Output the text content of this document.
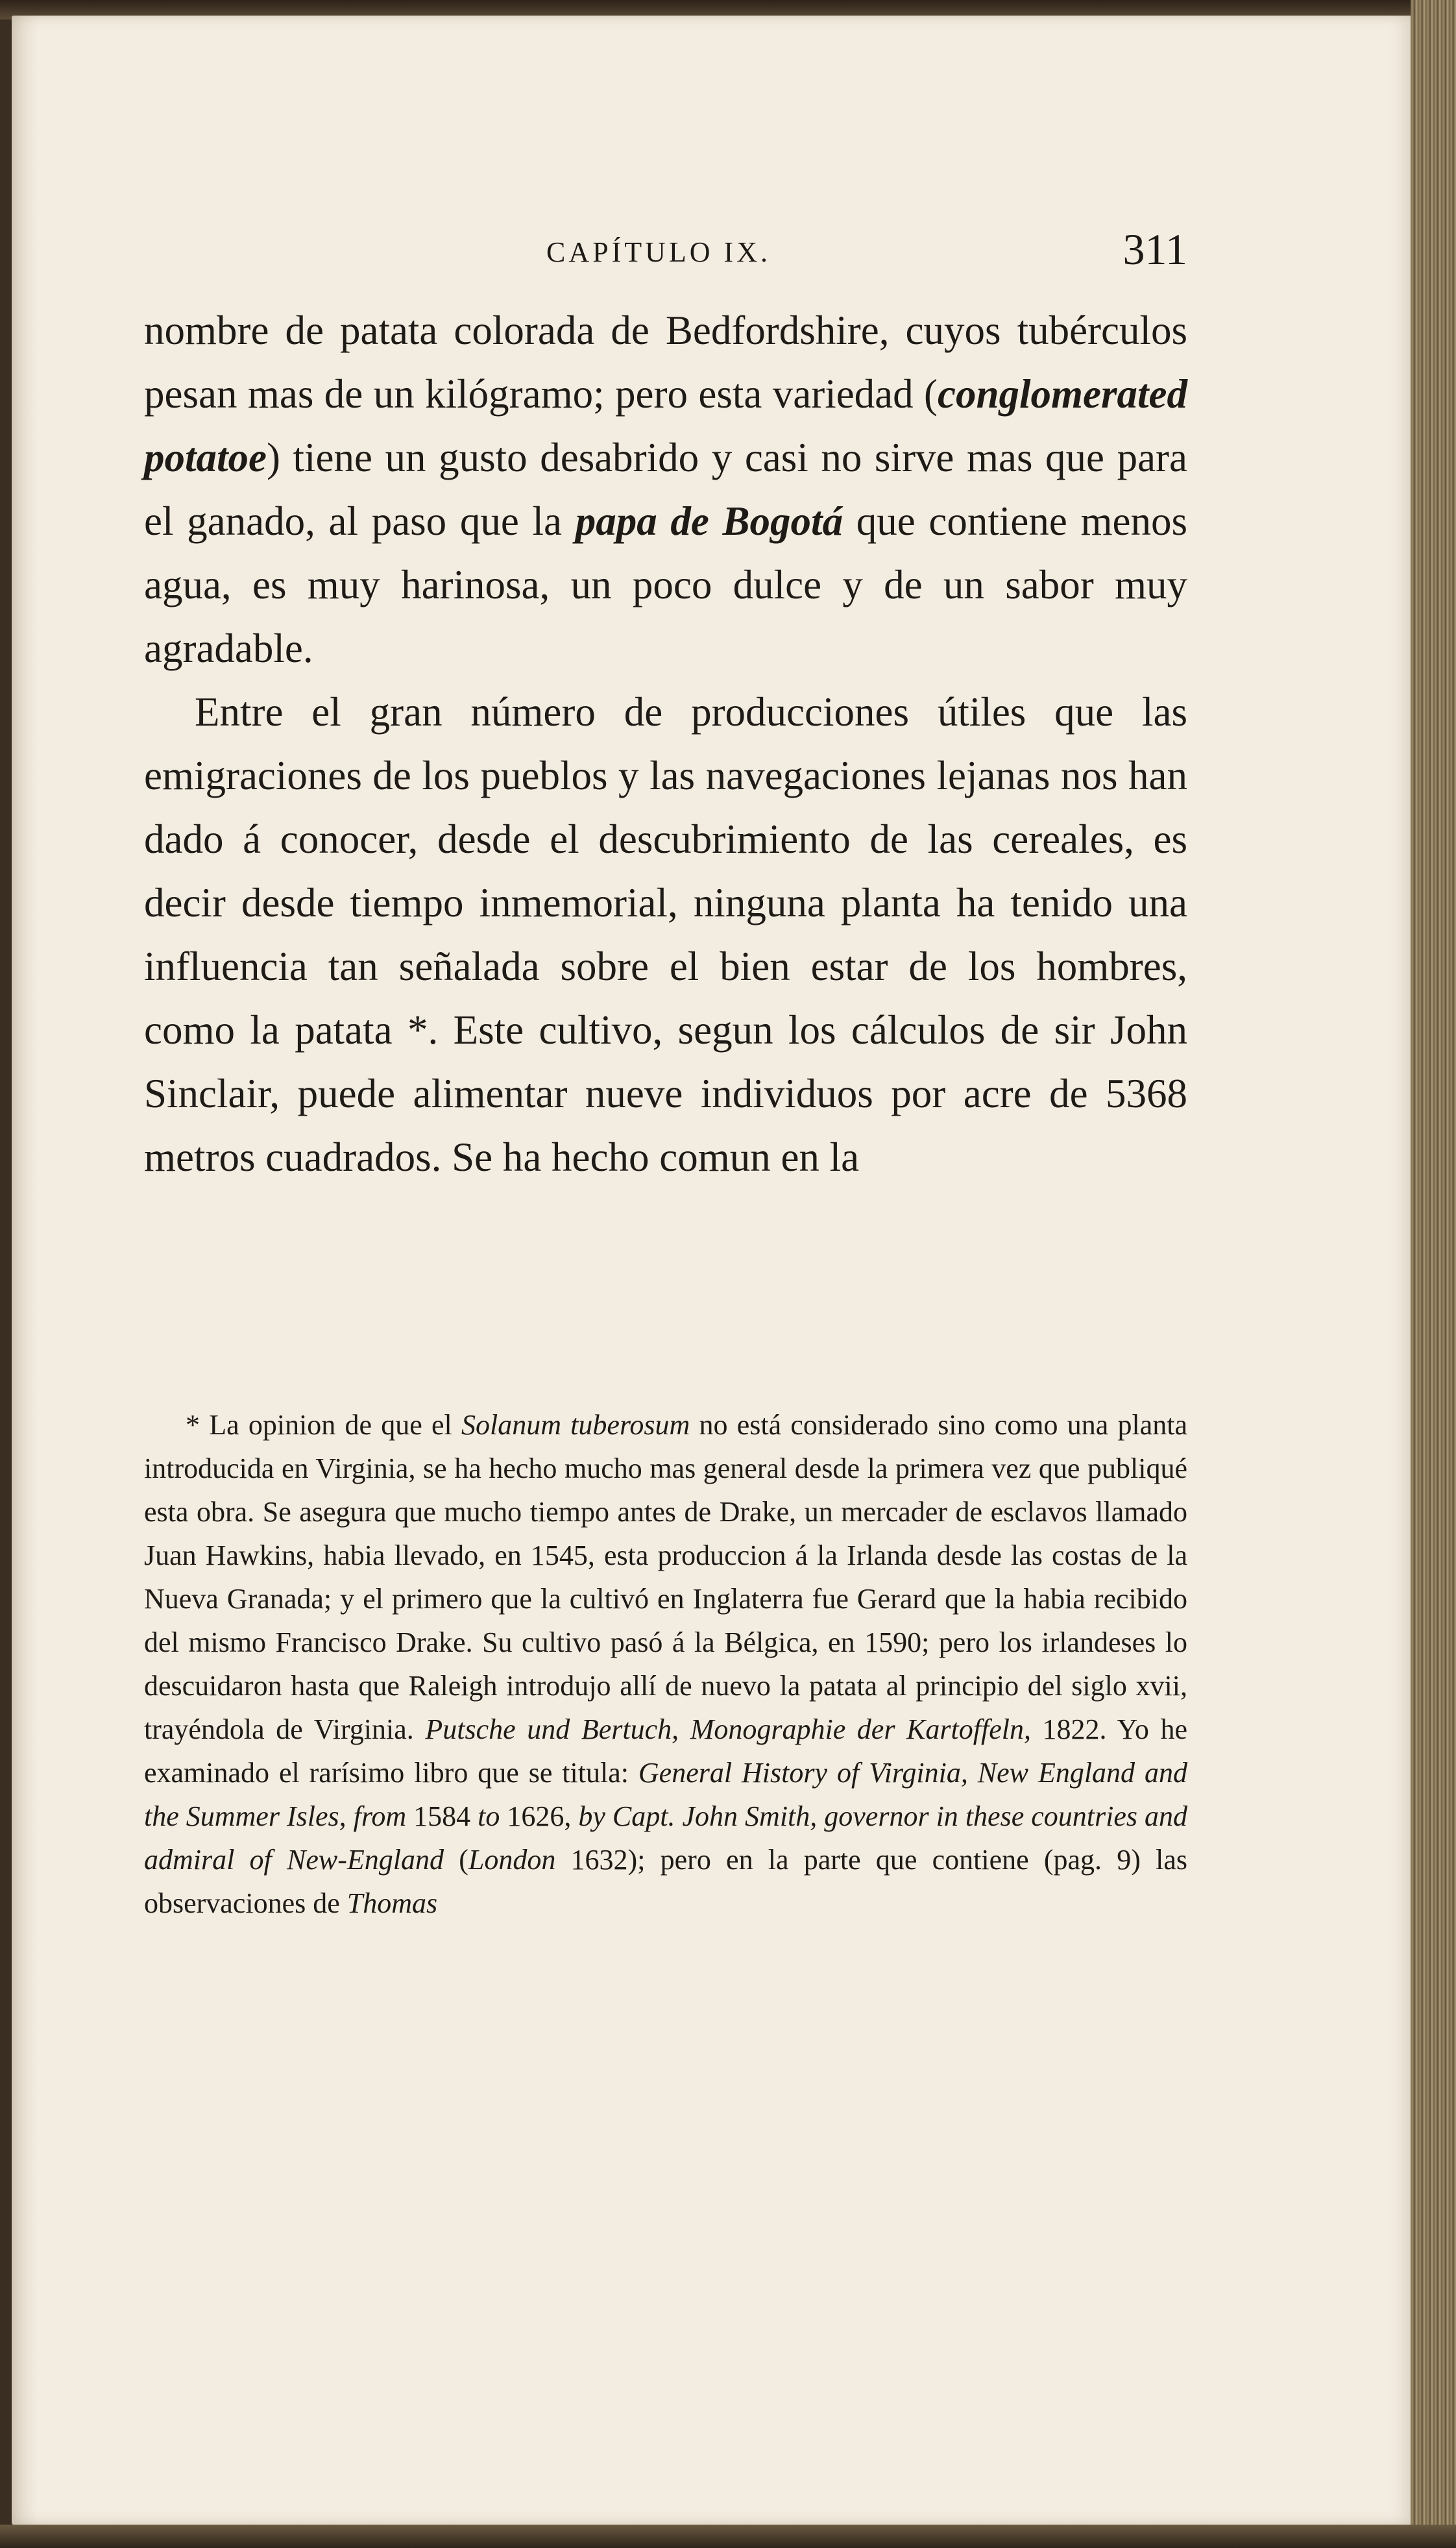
CAPÍTULO IX.	311

nombre de patata colorada de Bedfordshire, cuyos tubérculos pesan mas de un kilógramo; pero esta variedad (conglomerated potatoe) tiene un gusto desabrido y casi no sirve mas que para el ganado, al paso que la papa de Bogotá que contiene menos agua, es muy harinosa, un poco dulce y de un sabor muy agradable.

Entre el gran número de producciones útiles que las emigraciones de los pueblos y las navegaciones lejanas nos han dado á conocer, desde el descubrimiento de las cereales, es decir desde tiempo inmemorial, ninguna planta ha tenido una influencia tan señalada sobre el bien estar de los hombres, como la patata *. Este cultivo, segun los cálculos de sir John Sinclair, puede alimentar nueve individuos por acre de 5368 metros cuadrados. Se ha hecho comun en la

* La opinion de que el Solanum tuberosum no está considerado sino como una planta introducida en Virginia, se ha hecho mucho mas general desde la primera vez que publiqué esta obra. Se asegura que mucho tiempo antes de Drake, un mercader de esclavos llamado Juan Hawkins, habia llevado, en 1545, esta produccion á la Irlanda desde las costas de la Nueva Granada; y el primero que la cultivó en Inglaterra fue Gerard que la habia recibido del mismo Francisco Drake. Su cultivo pasó á la Bélgica, en 1590; pero los irlandeses lo descuidaron hasta que Raleigh introdujo allí de nuevo la patata al principio del siglo xvii, trayéndola de Virginia. Putsche und Bertuch, Monographie der Kartoffeln, 1822. Yo he examinado el rarísimo libro que se titula: General History of Virginia, New England and the Summer Isles, from 1584 to 1626, by Capt. John Smith, governor in these countries and admiral of New-England (London 1632); pero en la parte que contiene (pag. 9) las observaciones de Thomas
